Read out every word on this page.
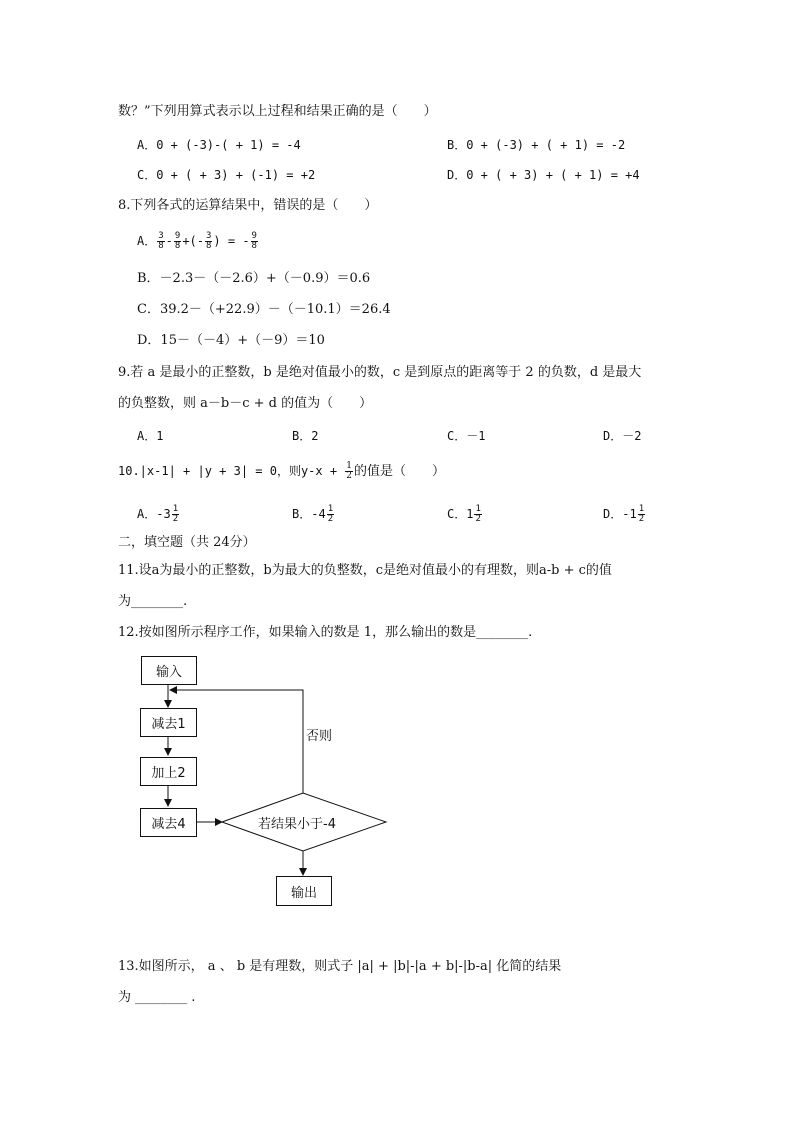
数？”下列用算式表示以上过程和结果正确的是（　　）
A．0 + (-3)-( + 1) = -4	B．0 + (-3) + ( + 1) = -2
C．0 + ( + 3) + (-1) = +2	D．0 + ( + 3) + ( + 1) = +4
8.下列各式的运算结果中，错误的是（　　）
A． $\frac{3}{8} - \frac{9}{8}$ +(- $\frac{3}{8}$ ) = - $\frac{9}{8}$
B．－2.3－（－2.6）+（－0.9）＝0.6
C．39.2－（+22.9）－（－10.1）＝26.4
D．15－（－4）+（－9）＝10
9.若 a 是最小的正整数，b 是绝对值最小的数，c 是到原点的距离等于 2 的负数，d 是最大
的负整数，则 a－b－c + d 的值为（　　）
A．1	B．2	C．－1	D．－2
10.|x-1| + |y + 3| = 0，则$y-x + \frac{1}{2}$ 的值是（　　）
A．$-3 \frac{1}{2}$	B．$-4 \frac{1}{2}$	C．$1 \frac{1}{2}$	D．$-1 \frac{1}{2}$
二，填空题（共 24分）
11.设a为最小的正整数，b为最大的负整数，c是绝对值最小的有理数，则a-b + c的值
为________.
12.按如图所示程序工作，如果输入的数是 1，那么输出的数是________.
输入
减去1
加上2
减去4	若结果小于-4
否则
输出
13.如图所示， a 、 b 是有理数，则式子 |a| + |b|-|a + b|-|b-a| 化简的结果
为 ________ .
